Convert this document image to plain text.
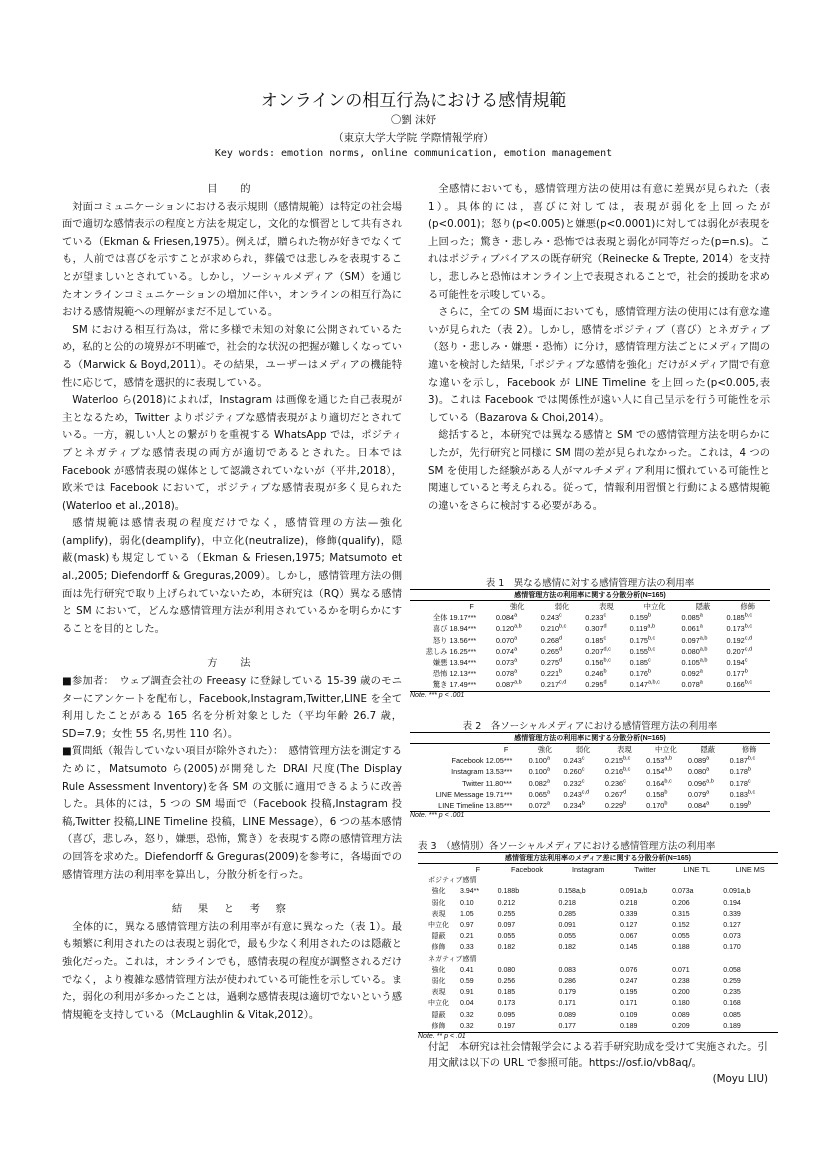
オンラインの相互行為における感情規範
〇劉 沫妤
（東京大学大学院 学際情報学府）
Key words: emotion norms, online communication, emotion management

目　的

対面コミュニケーションにおける表示規則（感情規範）は特定の社会場面で適切な感情表示の程度と方法を規定し，文化的な慣習として共有されている（Ekman & Friesen,1975）。例えば，贈られた物が好きでなくても，人前では喜びを示すことが求められ，葬儀では悲しみを表現することが望ましいとされている。しかし，ソーシャルメディア（SM）を通じたオンラインコミュニケーションの増加に伴い，オンラインの相互行為における感情規範への理解がまだ不足している。

SM における相互行為は，常に多様で未知の対象に公開されているため，私的と公的の境界が不明確で，社会的な状況の把握が難しくなっている（Marwick & Boyd,2011）。その結果，ユーザーはメディアの機能特性に応じて，感情を選択的に表現している。

Waterloo ら(2018)によれば，Instagram は画像を通じた自己表現が主となるため，Twitter よりポジティブな感情表現がより適切だとされている。一方，親しい人との繋がりを重視する WhatsApp では，ポジティブとネガティブな感情表現の両方が適切であるとされた。日本では Facebook が感情表現の媒体として認識されていないが（平井,2018），欧米では Facebook において，ポジティブな感情表現が多く見られた(Waterloo et al.,2018)。

感情規範は感情表現の程度だけでなく，感情管理の方法—強化(amplify)，弱化(deamplify)，中立化(neutralize)，修飾(qualify)，隠蔽(mask)も規定している（Ekman & Friesen,1975; Matsumoto et al.,2005; Diefendorff & Greguras,2009）。しかし，感情管理方法の側面は先行研究で取り上げられていないため，本研究は（RQ）異なる感情と SM において，どんな感情管理方法が利用されているかを明らかにすることを目的とした。

方　法

■参加者：　ウェブ調査会社の Freeasy に登録している 15-39 歳のモニターにアンケートを配布し，Facebook,Instagram,Twitter,LINE を全て利用したことがある 165 名を分析対象とした（平均年齢 26.7 歳，SD=7.9；女性 55 名,男性 110 名）。

■質問紙（報告していない項目が除外された）：　感情管理方法を測定するために，Matsumoto ら(2005)が開発した DRAI 尺度(The Display Rule Assessment Inventory)を各 SM の文脈に適用できるように改善した。具体的には，5 つの SM 場面で（Facebook 投稿,Instagram 投稿,Twitter 投稿,LINE Timeline 投稿，LINE Message），6 つの基本感情（喜び，悲しみ，怒り，嫌悪，恐怖，驚き）を表現する際の感情管理方法の回答を求めた。Diefendorff & Greguras(2009)を参考に，各場面での感情管理方法の利用率を算出し，分散分析を行った。

結 果 と 考 察

全体的に，異なる感情管理方法の利用率が有意に異なった（表 1）。最も頻繁に利用されたのは表現と弱化で，最も少なく利用されたのは隠蔽と強化だった。これは，オンラインでも，感情表現の程度が調整されるだけでなく，より複雑な感情管理方法が使われている可能性を示している。また，弱化の利用が多かったことは，過剰な感情表現は適切でないという感情規範を支持している（McLaughlin & Vitak,2012）。

全感情においても，感情管理方法の使用は有意に差異が見られた（表 1）。具体的には，喜びに対しては，表現が弱化を上回ったが(p<0.001)；怒り(p<0.005)と嫌悪(p<0.0001)に対しては弱化が表現を上回った；驚き・悲しみ・恐怖では表現と弱化が同等だった(p=n.s)。これはポジティブバイアスの既存研究（Reinecke & Trepte, 2014）を支持し，悲しみと恐怖はオンライン上で表現されることで，社会的援助を求める可能性を示唆している。

さらに，全ての SM 場面においても，感情管理方法の使用には有意な違いが見られた（表 2）。しかし，感情をポジティブ（喜び）とネガティブ（怒り・悲しみ・嫌悪・恐怖）に分け，感情管理方法ごとにメディア間の違いを検討した結果,「ポジティブな感情を強化」だけがメディア間で有意な違いを示し，Facebook が LINE Timeline を上回った(p<0.005,表 3)。これは Facebook では関係性が遠い人に自己呈示を行う可能性を示している（Bazarova & Choi,2014）。

総括すると，本研究では異なる感情と SM での感情管理方法を明らかにしたが，先行研究と同様に SM 間の差が見られなかった。これは，4 つの SM を使用した経験がある人がマルチメディア利用に慣れている可能性と関連していると考えられる。従って，情報利用習慣と行動による感情規範の違いをさらに検討する必要がある。

表 1　異なる感情に対する感情管理方法の利用率
感情管理方法の利用率に関する分散分析(N=165)
	F	強化	弱化	表現	中立化	隠蔽	修飾
全体	19.17***	0.084$^a$	0.243$^c$	0.233$^c$	0.159$^b$	0.085$^a$	0.185$^{b,c}$
喜び	18.94***	0.120$^{a,b}$	0.210$^{b,c}$	0.307$^d$	0.119$^{a,b}$	0.061$^a$	0.173$^{b,c}$
怒り	13.56***	0.070$^a$	0.268$^d$	0.185$^c$	0.175$^{b,c}$	0.097$^{a,b}$	0.192$^{c,d}$
悲しみ	16.25***	0.074$^a$	0.265$^d$	0.207$^{d,c}$	0.155$^{b,c}$	0.080$^{a,b}$	0.207$^{c,d}$
嫌悪	13.94***	0.073$^a$	0.275$^d$	0.156$^{b,c}$	0.185$^c$	0.105$^{a,b}$	0.194$^c$
恐怖	12.13***	0.078$^a$	0.221$^b$	0.246$^b$	0.176$^b$	0.092$^a$	0.177$^b$
驚き	17.49***	0.087$^{a,b}$	0.217$^{c,d}$	0.295$^d$	0.147$^{a,b,c}$	0.078$^a$	0.166$^{b,c}$
Note. *** p < .001
表 2　各ソーシャルメディアにおける感情管理方法の利用率
感情管理方法の利用率に関する分散分析(N=165)
	F	強化	弱化	表現	中立化	隠蔽	修飾
Facebook	12.05***	0.100$^a$	0.243$^c$	0.215$^{b,c}$	0.153$^{a,b}$	0.089$^a$	0.187$^{b,c}$
Instagram	13.53***	0.100$^a$	0.260$^c$	0.216$^{b,c}$	0.154$^{a,b}$	0.080$^a$	0.178$^b$
Twitter	11.80***	0.082$^a$	0.232$^c$	0.236$^c$	0.164$^{b,c}$	0.096$^{a,b}$	0.178$^c$
LINE Message	19.71***	0.065$^a$	0.243$^{c,d}$	0.267$^d$	0.158$^b$	0.079$^a$	0.183$^{b,c}$
LINE Timeline	13.85***	0.072$^a$	0.234$^b$	0.229$^b$	0.170$^b$	0.084$^a$	0.199$^b$
Note. *** p < .001
表 3　（感情別）各ソーシャルメディアにおける感情管理方法の利用率
感情管理方法利用率のメディア差に関する分散分析(N=165)
	F	Facebook	Instagram	Twitter	LINE TL	LINE MS
ポジティブ感情						
強化	3.94**	0.188b	0.158a,b	0.091a,b	0.073a	0.091a,b
弱化	0.10	0.212	0.218	0.218	0.206	0.194
表現	1.05	0.255	0.285	0.339	0.315	0.339
中立化	0.97	0.097	0.091	0.127	0.152	0.127
隠蔽	0.21	0.055	0.055	0.067	0.055	0.073
修飾	0.33	0.182	0.182	0.145	0.188	0.170
ネガティブ感情						
強化	0.41	0.080	0.083	0.076	0.071	0.058
弱化	0.59	0.256	0.286	0.247	0.238	0.259
表現	0.91	0.185	0.179	0.195	0.200	0.235
中立化	0.04	0.173	0.171	0.171	0.180	0.168
隠蔽	0.32	0.095	0.089	0.109	0.089	0.085
修飾	0.32	0.197	0.177	0.189	0.209	0.189
Note. ** p < .01

付記　本研究は社会情報学会による若手研究助成を受けて実施された。引用文献は以下の URL で参照可能。https://osf.io/vb8aq/。

(Moyu LIU)
